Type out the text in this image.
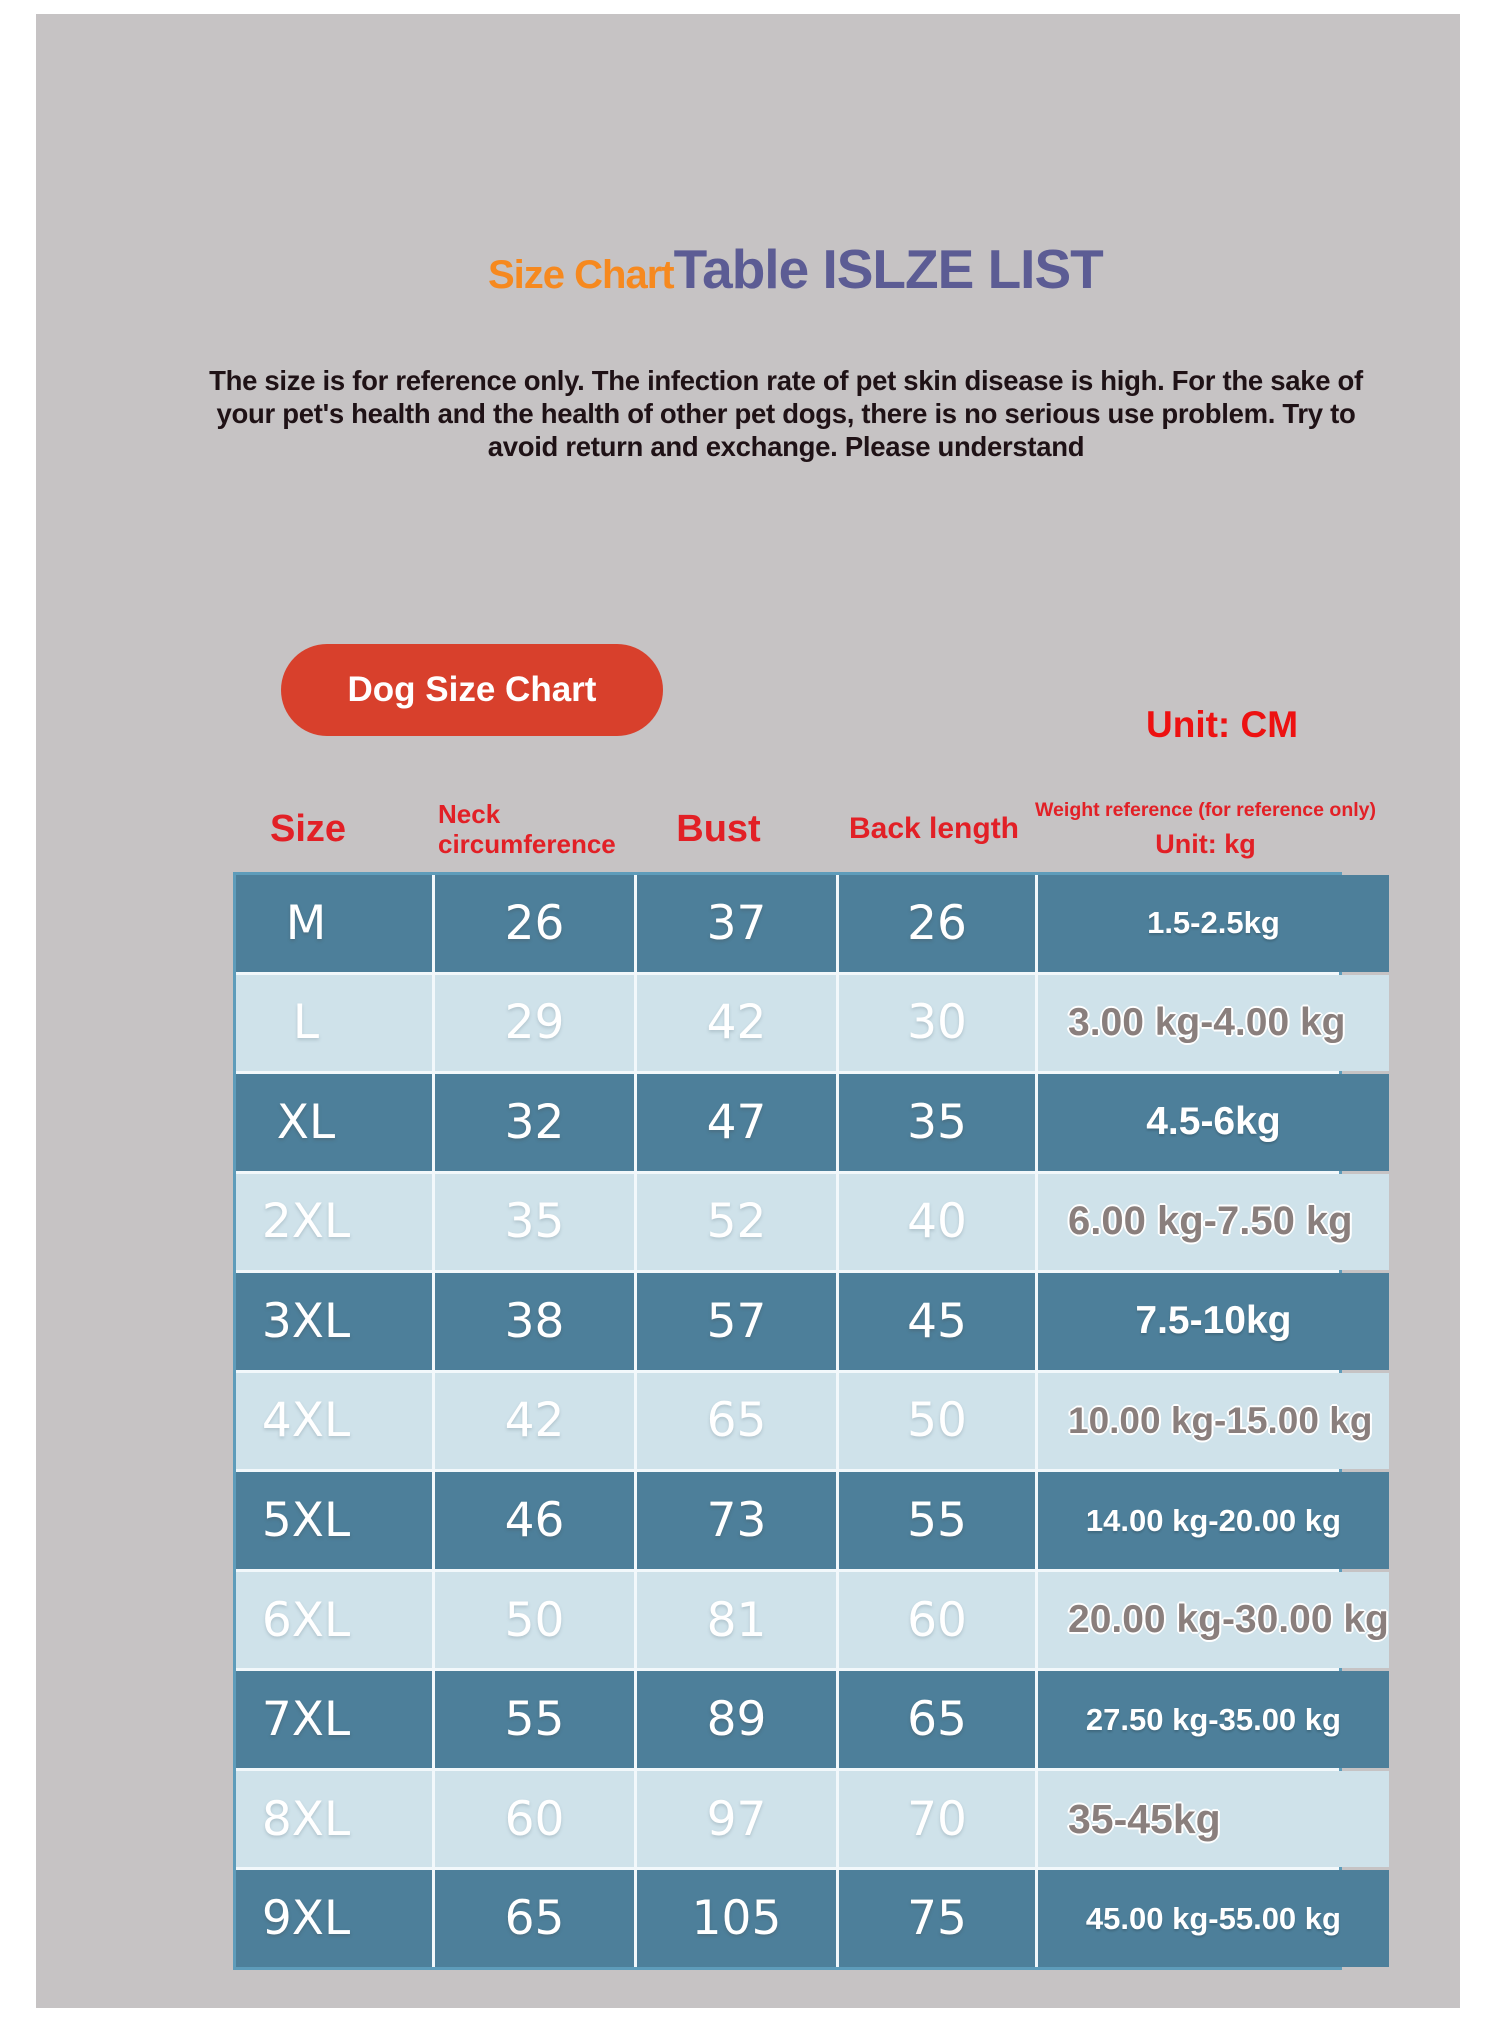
Size Chart Table ISLZE LIST
The size is for reference only. The infection rate of pet skin disease is high. For the sake of your pet's health and the health of other pet dogs, there is no serious use problem. Try to avoid return and exchange. Please understand
Dog Size Chart
Unit: CM
Size	Neck circumference	Bust	Back length
Weight reference (for reference only)
Unit: kg
M	26	37	26	1.5-2.5kg
L	29	42	30	3.00 kg-4.00 kg
XL	32	47	35	4.5-6kg
2XL	35	52	40	6.00 kg-7.50 kg
3XL	38	57	45	7.5-10kg
4XL	42	65	50	10.00 kg-15.00 kg
5XL	46	73	55	14.00 kg-20.00 kg
6XL	50	81	60	20.00 kg-30.00 kg
7XL	55	89	65	27.50 kg-35.00 kg
8XL	60	97	70	35-45kg
9XL	65	105	75	45.00 kg-55.00 kg
